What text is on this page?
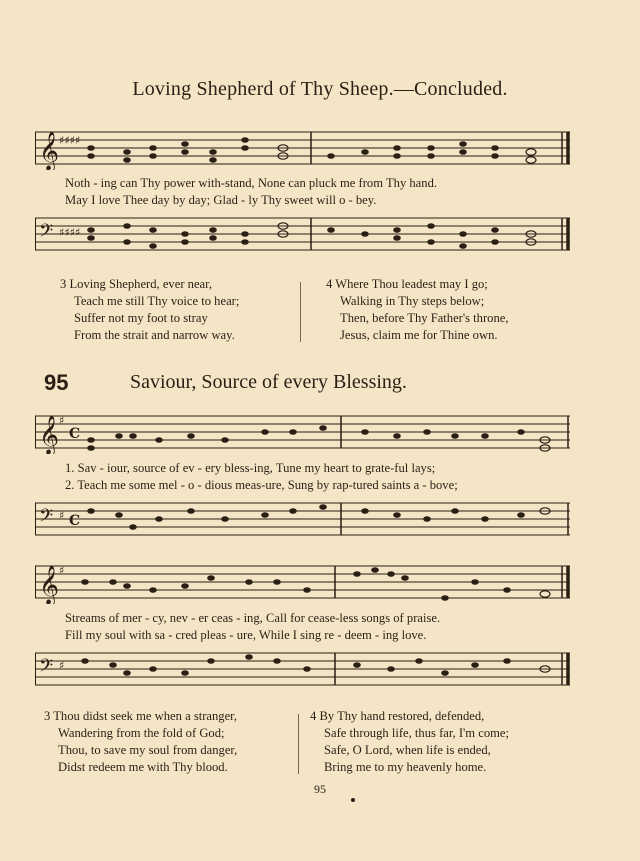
Loving Shepherd of Thy Sheep.—Concluded.
𝄞 ♯♯♯♯
Noth - ing can Thy power with-stand, None can pluck me from Thy hand.
May I love Thee day by day; Glad - ly Thy sweet will o - bey.
𝄢 ♯♯♯♯
3 Loving Shepherd, ever near,
Teach me still Thy voice to hear;
Suffer not my foot to stray
From the strait and narrow way.
4 Where Thou leadest may I go;
Walking in Thy steps below;
Then, before Thy Father's throne,
Jesus, claim me for Thine own.
95	Saviour, Source of every Blessing.
𝄞 ♯
C
1. Sav - iour, source of ev - ery bless-ing, Tune my heart to grate-ful lays;
2. Teach me some mel - o - dious meas-ure, Sung by rap-tured saints a - bove;
𝄢 ♯ C
𝄞 ♯
Streams of mer - cy, nev - er ceas - ing, Call for cease-less songs of praise.
Fill my soul with sa - cred pleas - ure, While I sing re - deem - ing love.
𝄢 ♯
3 Thou didst seek me when a stranger,
Wandering from the fold of God;
Thou, to save my soul from danger,
Didst redeem me with Thy blood.
4 By Thy hand restored, defended,
Safe through life, thus far, I'm come;
Safe, O Lord, when life is ended,
Bring me to my heavenly home.
95
